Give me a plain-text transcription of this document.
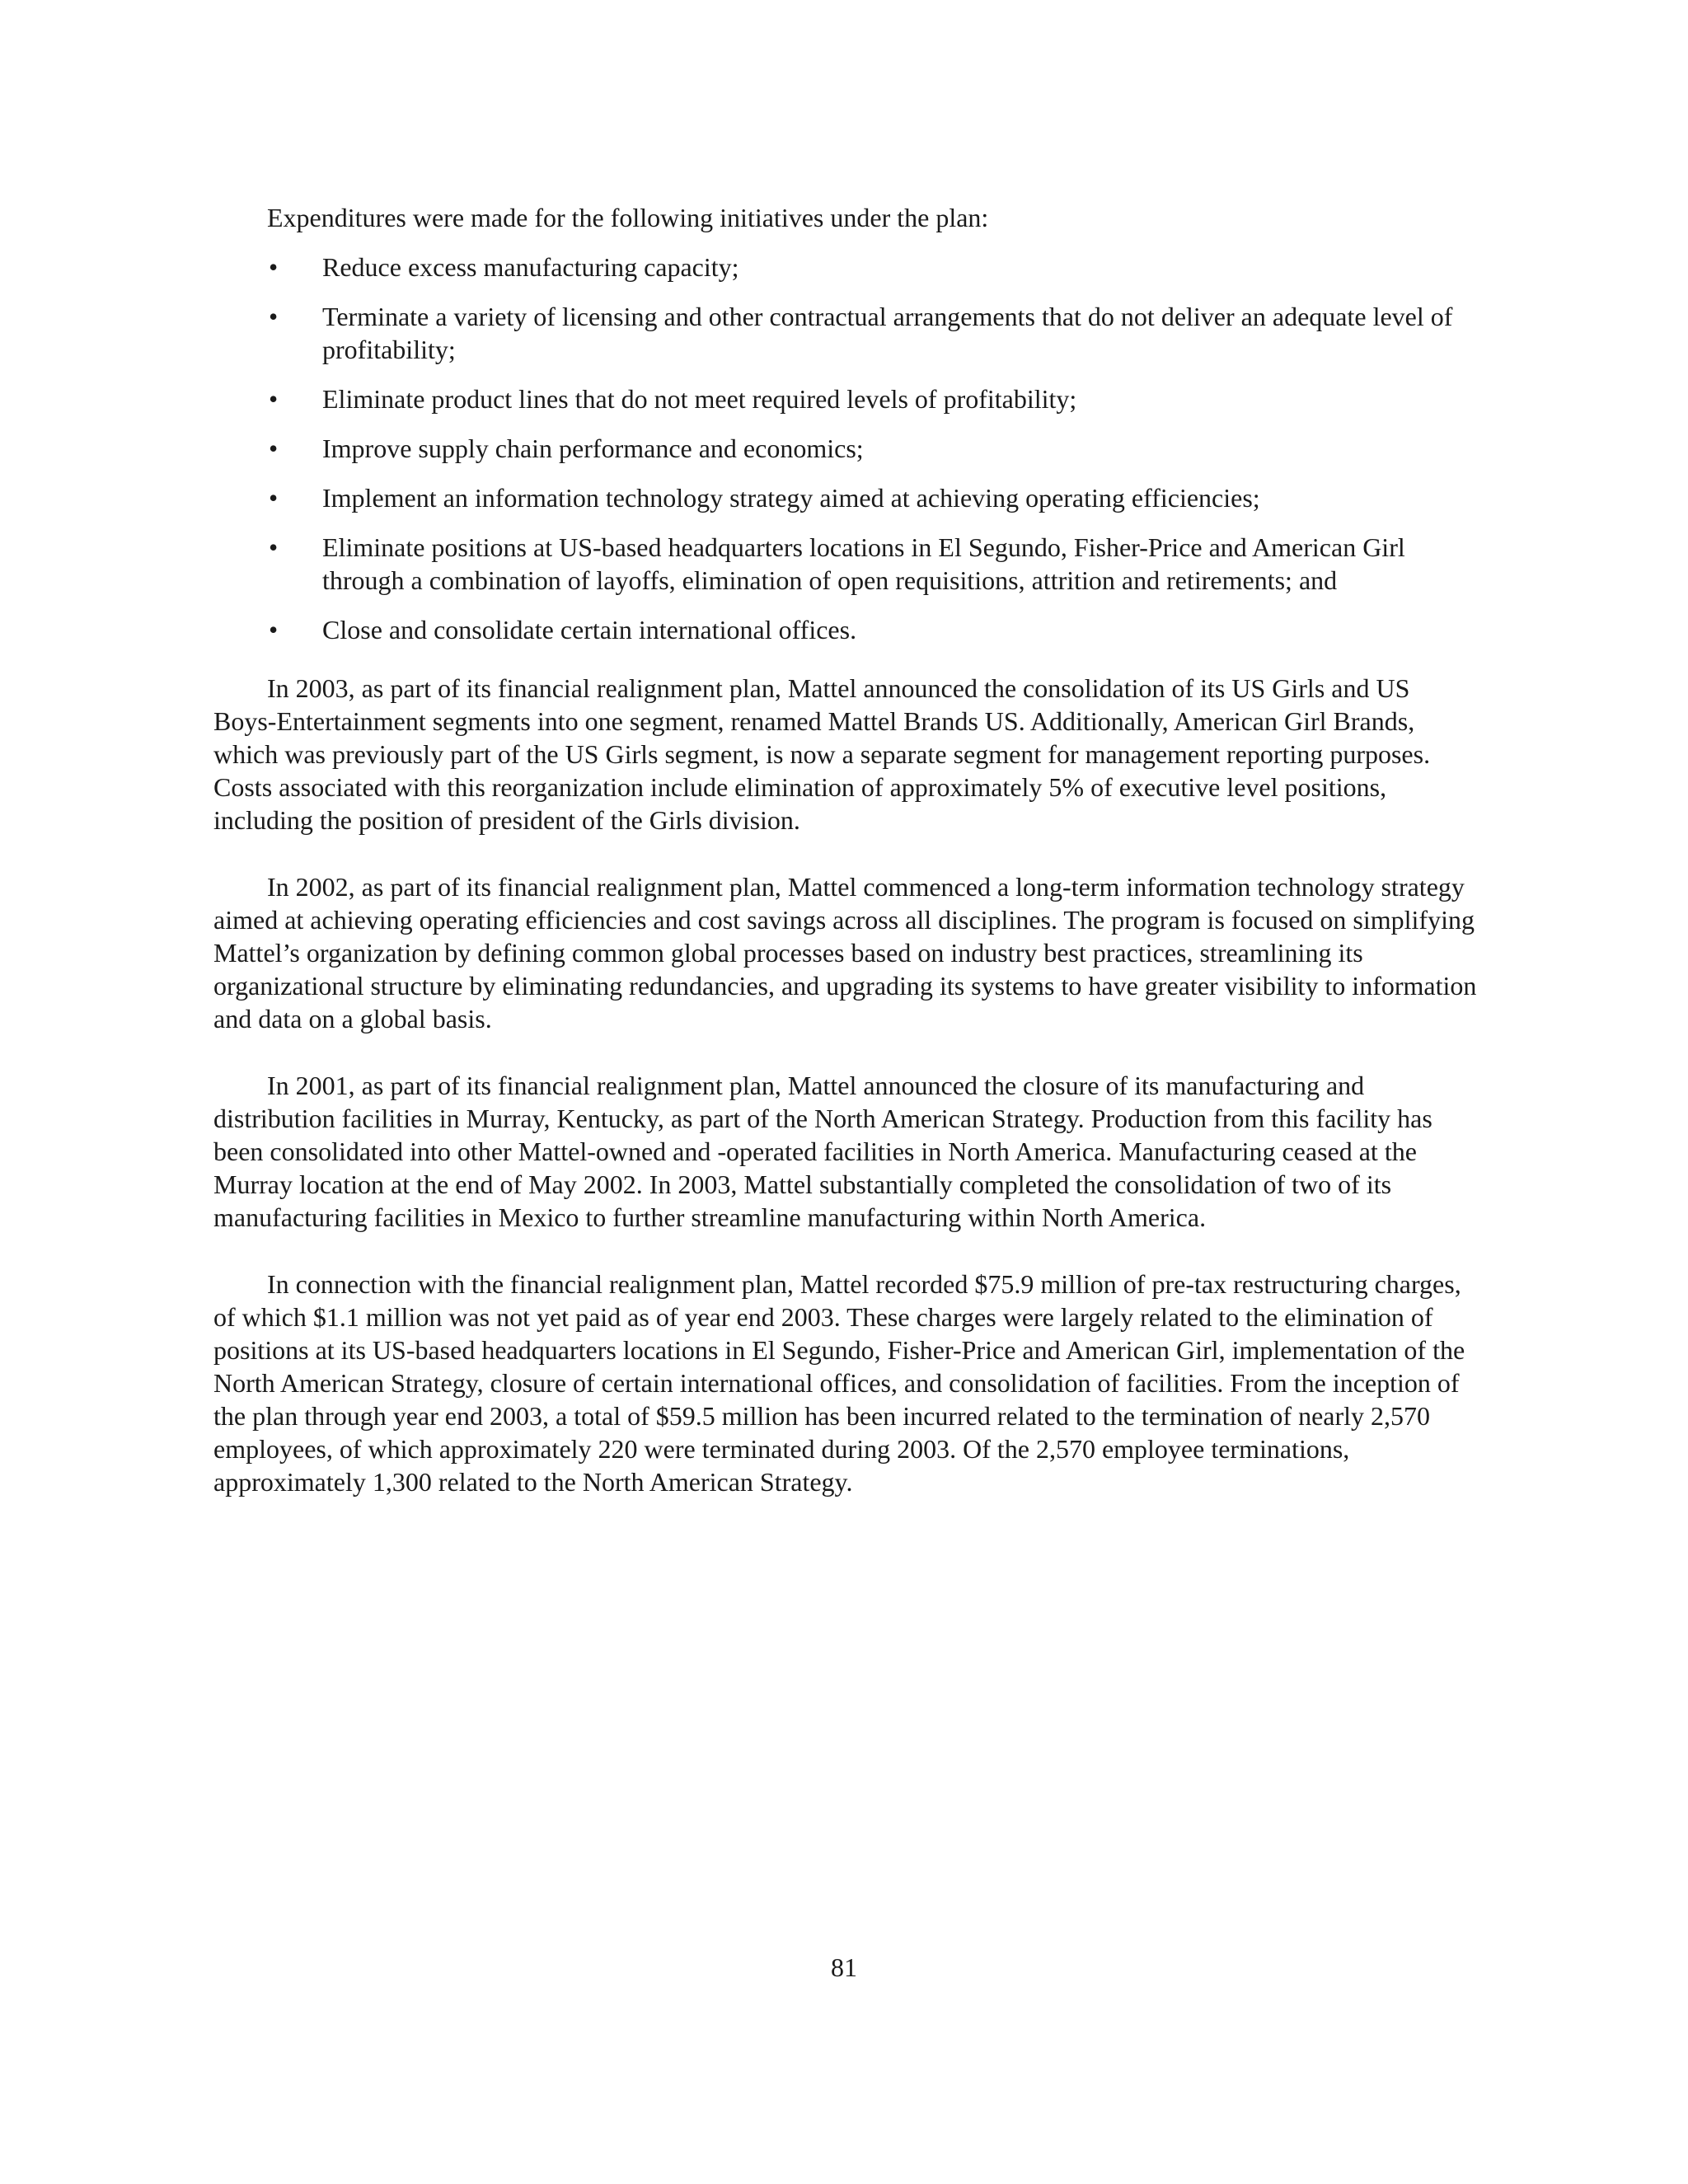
Expenditures were made for the following initiatives under the plan:

• Reduce excess manufacturing capacity;
• Terminate a variety of licensing and other contractual arrangements that do not deliver an adequate level of profitability;
• Eliminate product lines that do not meet required levels of profitability;
• Improve supply chain performance and economics;
• Implement an information technology strategy aimed at achieving operating efficiencies;
• Eliminate positions at US-based headquarters locations in El Segundo, Fisher-Price and American Girl through a combination of layoffs, elimination of open requisitions, attrition and retirements; and
• Close and consolidate certain international offices.

In 2003, as part of its financial realignment plan, Mattel announced the consolidation of its US Girls and US Boys-Entertainment segments into one segment, renamed Mattel Brands US. Additionally, American Girl Brands, which was previously part of the US Girls segment, is now a separate segment for management reporting purposes. Costs associated with this reorganization include elimination of approximately 5% of executive level positions, including the position of president of the Girls division.

In 2002, as part of its financial realignment plan, Mattel commenced a long-term information technology strategy aimed at achieving operating efficiencies and cost savings across all disciplines. The program is focused on simplifying Mattel’s organization by defining common global processes based on industry best practices, streamlining its organizational structure by eliminating redundancies, and upgrading its systems to have greater visibility to information and data on a global basis.

In 2001, as part of its financial realignment plan, Mattel announced the closure of its manufacturing and distribution facilities in Murray, Kentucky, as part of the North American Strategy. Production from this facility has been consolidated into other Mattel-owned and -operated facilities in North America. Manufacturing ceased at the Murray location at the end of May 2002. In 2003, Mattel substantially completed the consolidation of two of its manufacturing facilities in Mexico to further streamline manufacturing within North America.

In connection with the financial realignment plan, Mattel recorded $75.9 million of pre-tax restructuring charges, of which $1.1 million was not yet paid as of year end 2003. These charges were largely related to the elimination of positions at its US-based headquarters locations in El Segundo, Fisher-Price and American Girl, implementation of the North American Strategy, closure of certain international offices, and consolidation of facilities. From the inception of the plan through year end 2003, a total of $59.5 million has been incurred related to the termination of nearly 2,570 employees, of which approximately 220 were terminated during 2003. Of the 2,570 employee terminations, approximately 1,300 related to the North American Strategy.

81
